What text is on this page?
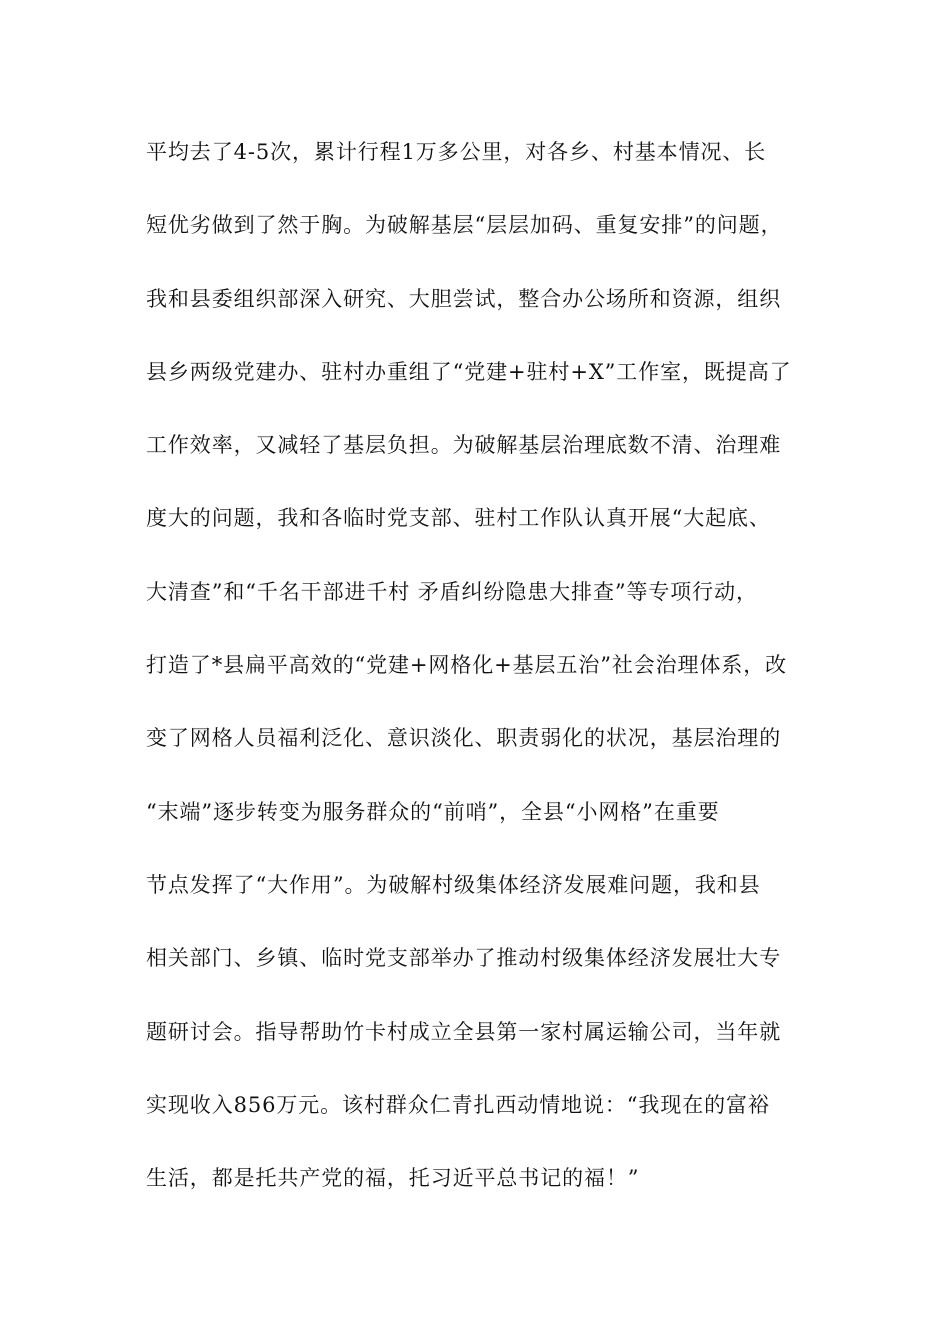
平均去了4-5次，累计行程1万多公里，对各乡、村基本情况、长
短优劣做到了然于胸。为破解基层“层层加码、重复安排”的问题，
我和县委组织部深入研究、大胆尝试，整合办公场所和资源，组织
县乡两级党建办、驻村办重组了“党建+驻村+X”工作室，既提高了
工作效率，又减轻了基层负担。为破解基层治理底数不清、治理难
度大的问题，我和各临时党支部、驻村工作队认真开展“大起底、
大清查”和“千名干部进千村 矛盾纠纷隐患大排查”等专项行动，
打造了*县扁平高效的“党建+网格化+基层五治”社会治理体系，改
变了网格人员福利泛化、意识淡化、职责弱化的状况，基层治理的
“末端”逐步转变为服务群众的“前哨”，全县“小网格”在重要
节点发挥了“大作用”。为破解村级集体经济发展难问题，我和县
相关部门、乡镇、临时党支部举办了推动村级集体经济发展壮大专
题研讨会。指导帮助竹卡村成立全县第一家村属运输公司，当年就
实现收入856万元。该村群众仁青扎西动情地说：“我现在的富裕
生活，都是托共产党的福，托习近平总书记的福！”
